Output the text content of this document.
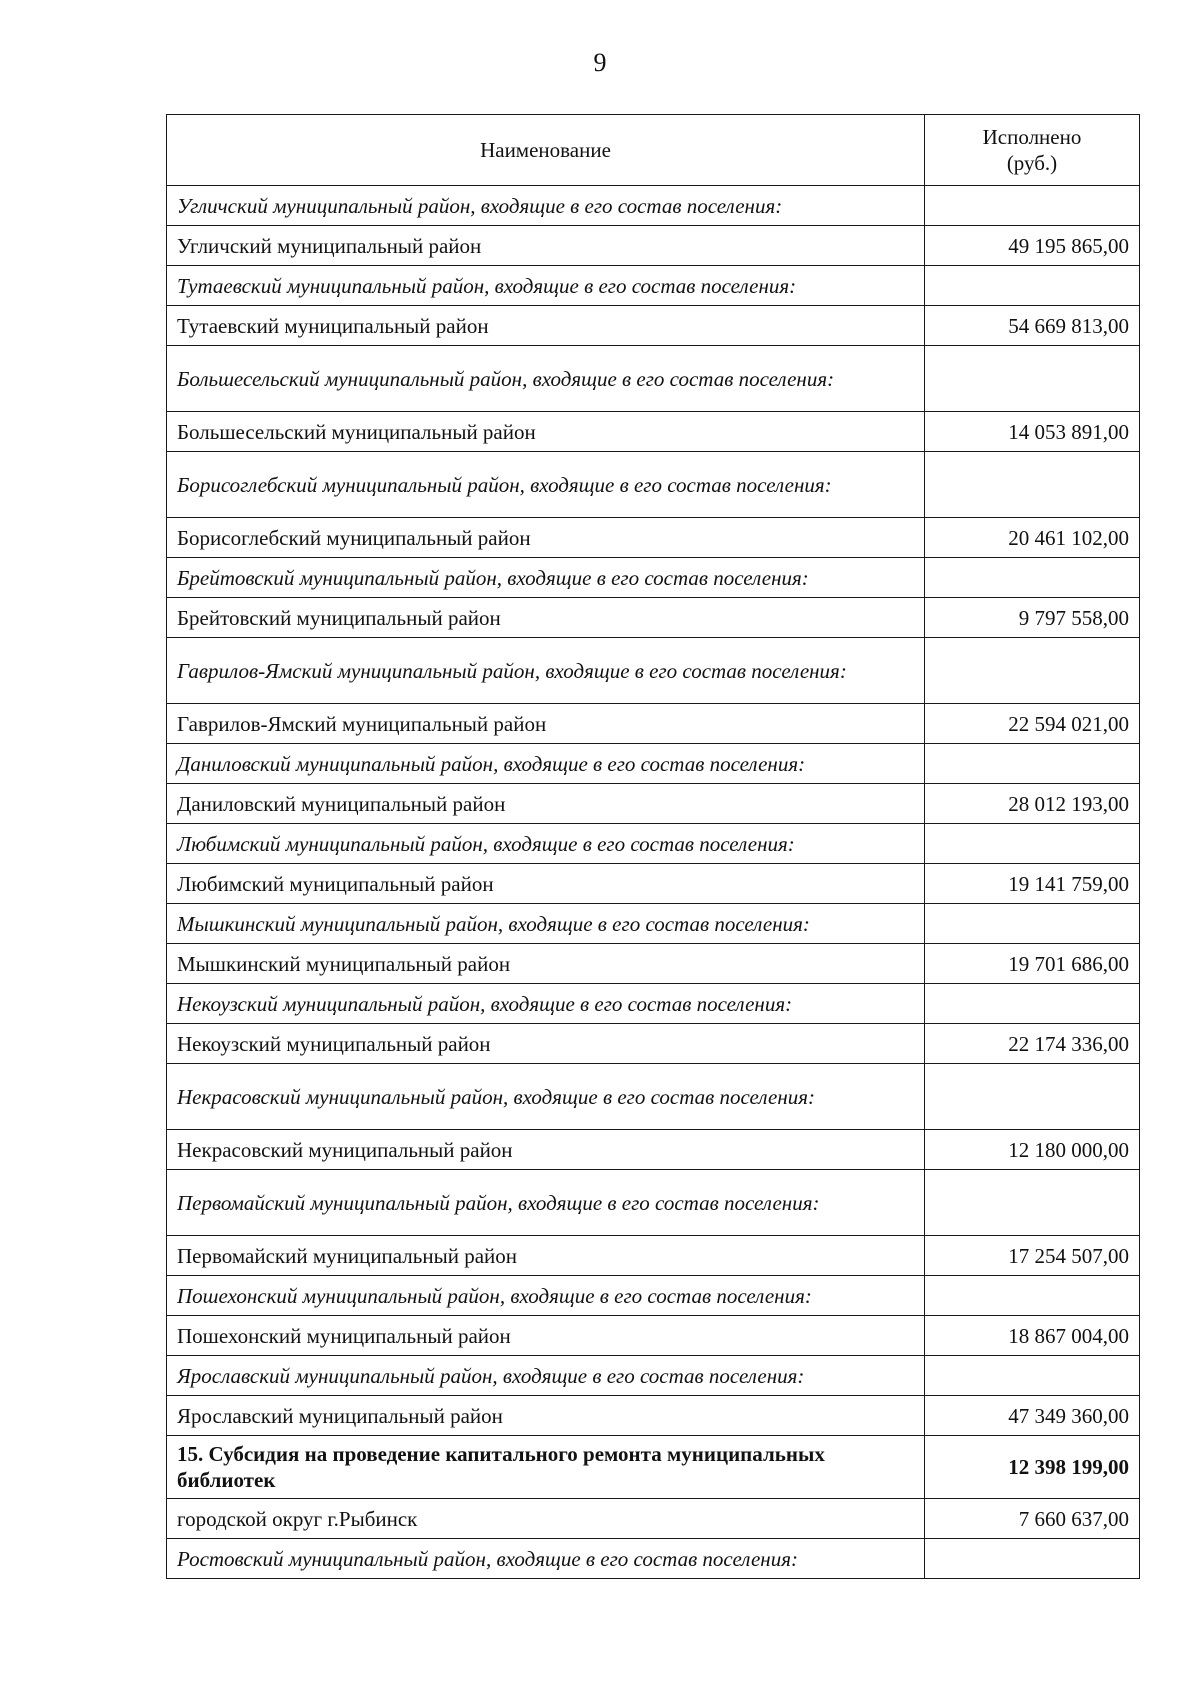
9
Наименование	Исполнено
(руб.)

Угличский муниципальный район, входящие в его состав поселения:	
Угличский муниципальный район	49 195 865,00
Тутаевский муниципальный район, входящие в его состав поселения:	
Тутаевский муниципальный район	54 669 813,00
Большесельский муниципальный район, входящие в его состав поселения:	
Большесельский муниципальный район	14 053 891,00
Борисоглебский муниципальный район, входящие в его состав поселения:	
Борисоглебский муниципальный район	20 461 102,00
Брейтовский муниципальный район, входящие в его состав поселения:	
Брейтовский муниципальный район	9 797 558,00
Гаврилов-Ямский муниципальный район, входящие в его состав поселения:	
Гаврилов-Ямский муниципальный район	22 594 021,00
Даниловский муниципальный район, входящие в его состав поселения:	
Даниловский муниципальный район	28 012 193,00
Любимский муниципальный район, входящие в его состав поселения:	
Любимский муниципальный район	19 141 759,00
Мышкинский муниципальный район, входящие в его состав поселения:	
Мышкинский муниципальный район	19 701 686,00
Некоузский муниципальный район, входящие в его состав поселения:	
Некоузский муниципальный район	22 174 336,00
Некрасовский муниципальный район, входящие в его состав поселения:	
Некрасовский муниципальный район	12 180 000,00
Первомайский муниципальный район, входящие в его состав поселения:	
Первомайский муниципальный район	17 254 507,00
Пошехонский муниципальный район, входящие в его состав поселения:	
Пошехонский муниципальный район	18 867 004,00
Ярославский муниципальный район, входящие в его состав поселения:	
Ярославский муниципальный район	47 349 360,00
15. Субсидия на проведение капитального ремонта муниципальных библиотек	12 398 199,00
городской округ г.Рыбинск	7 660 637,00
Ростовский муниципальный район, входящие в его состав поселения:	
